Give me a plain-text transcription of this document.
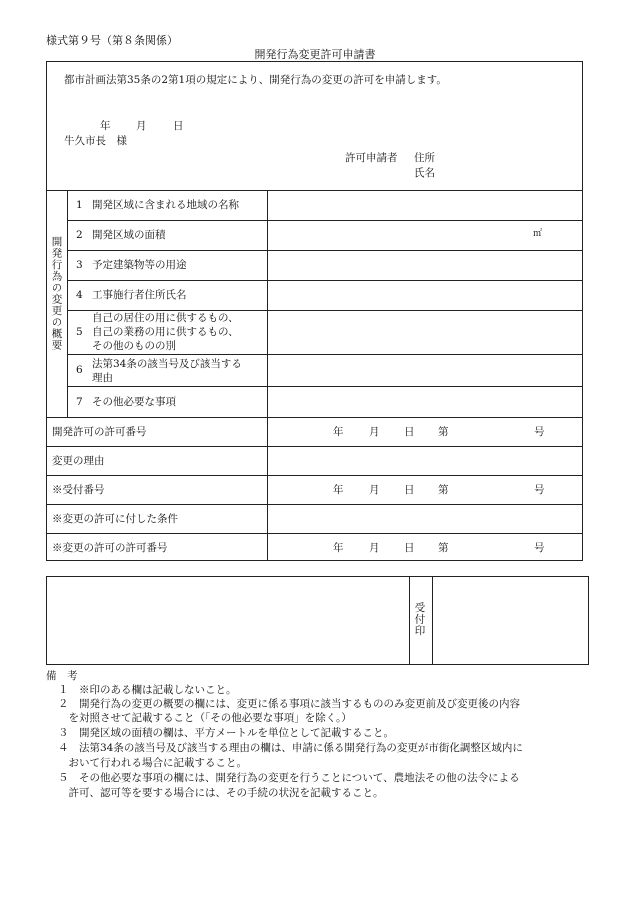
様式第９号（第８条関係）
開発行為変更許可申請書
都市計画法第35条の2第1項の規定により、開発行為の変更の許可を申請します。
年 月	日
牛久市長　様
許可申請者 住所
氏名
開発行為の変更の概要
1 開発区域に含まれる地域の名称
2 開発区域の面積	㎡
3 予定建築物等の用途
4 工事施行者住所氏名
5
自己の居住の用に供するもの、
自己の業務の用に供するもの、
その他のものの別
6 法第34条の該当号及び該当する
理由
7 その他必要な事項
開発許可の許可番号	年 月 日 第	号
変更の理由
※受付番号	年 月 日 第	号
※変更の許可に付した条件
※変更の許可の許可番号	年 月 日 第	号
受付印
備　考
１　※印のある欄は記載しないこと。
２　開発行為の変更の概要の欄には、変更に係る事項に該当するもののみ変更前及び変更後の内容
　を対照させて記載すること（「その他必要な事項」を除く。）
３　開発区域の面積の欄は、平方メートルを単位として記載すること。
４　法第34条の該当号及び該当する理由の欄は、申請に係る開発行為の変更が市街化調整区域内に
　おいて行われる場合に記載すること。
５　その他必要な事項の欄には、開発行為の変更を行うことについて、農地法その他の法令による
　許可、認可等を要する場合には、その手続の状況を記載すること。
